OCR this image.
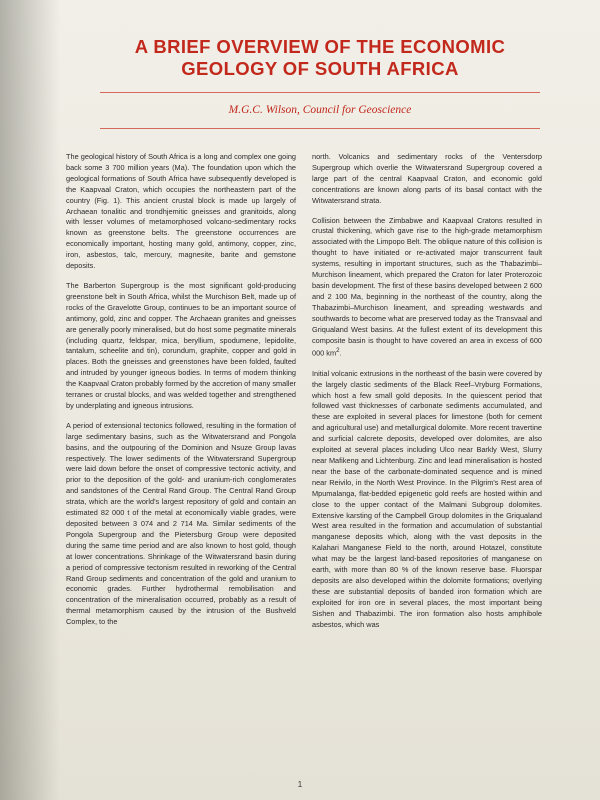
A BRIEF OVERVIEW OF THE ECONOMIC
GEOLOGY OF SOUTH AFRICA
M.G.C. Wilson, Council for Geoscience

The geological history of South Africa is a long and complex one going back some 3 700 million years (Ma). The foundation upon which the geological formations of South Africa have subsequently developed is the Kaapvaal Craton, which occupies the northeastern part of the country (Fig. 1). This ancient crustal block is made up largely of Archaean tonalitic and trondhjemitic gneisses and granitoids, along with lesser volumes of metamorphosed volcano-sedimentary rocks known as greenstone belts. The greenstone occurrences are economically important, hosting many gold, antimony, copper, zinc, iron, asbestos, talc, mercury, magnesite, barite and gemstone deposits.

The Barberton Supergroup is the most significant gold-producing greenstone belt in South Africa, whilst the Murchison Belt, made up of rocks of the Gravelotte Group, continues to be an important source of antimony, gold, zinc and copper. The Archaean granites and gneisses are generally poorly mineralised, but do host some pegmatite minerals (including quartz, feldspar, mica, beryllium, spodumene, lepidolite, tantalum, scheelite and tin), corundum, graphite, copper and gold in places. Both the gneisses and greenstones have been folded, faulted and intruded by younger igneous bodies. In terms of modern thinking the Kaapvaal Craton probably formed by the accretion of many smaller terranes or crustal blocks, and was welded together and strengthened by underplating and igneous intrusions.

A period of extensional tectonics followed, resulting in the formation of large sedimentary basins, such as the Witwatersrand and Pongola basins, and the outpouring of the Dominion and Nsuze Group lavas respectively. The lower sediments of the Witwatersrand Supergroup were laid down before the onset of compressive tectonic activity, and prior to the deposition of the gold- and uranium-rich conglomerates and sandstones of the Central Rand Group. The Central Rand Group strata, which are the world's largest repository of gold and contain an estimated 82 000 t of the metal at economically viable grades, were deposited between 3 074 and 2 714 Ma. Similar sediments of the Pongola Supergroup and the Pietersburg Group were deposited during the same time period and are also known to host gold, though at lower concentrations. Shrinkage of the Witwatersrand basin during a period of compressive tectonism resulted in reworking of the Central Rand Group sediments and concentration of the gold and uranium to economic grades. Further hydrothermal remobilisation and concentration of the mineralisation occurred, probably as a result of thermal metamorphism caused by the intrusion of the Bushveld Complex, to the

north. Volcanics and sedimentary rocks of the Ventersdorp Supergroup which overlie the Witwatersrand Supergroup covered a large part of the central Kaapvaal Craton, and economic gold concentrations are known along parts of its basal contact with the Witwatersrand strata.

Collision between the Zimbabwe and Kaapvaal Cratons resulted in crustal thickening, which gave rise to the high-grade metamorphism associated with the Limpopo Belt. The oblique nature of this collision is thought to have initiated or re-activated major transcurrent fault systems, resulting in important structures, such as the Thabazimbi–Murchison lineament, which prepared the Craton for later Proterozoic basin development. The first of these basins developed between 2 600 and 2 100 Ma, beginning in the northeast of the country, along the Thabazimbi–Murchison lineament, and spreading westwards and southwards to become what are preserved today as the Transvaal and Griqualand West basins. At the fullest extent of its development this composite basin is thought to have covered an area in excess of 600 000 $km^2$.

Initial volcanic extrusions in the northeast of the basin were covered by the largely clastic sediments of the Black Reef–Vryburg Formations, which host a few small gold deposits. In the quiescent period that followed vast thicknesses of carbonate sediments accumulated, and these are exploited in several places for limestone (both for cement and agricultural use) and metallurgical dolomite. More recent travertine and surficial calcrete deposits, developed over dolomites, are also exploited at several places including Ulco near Barkly West, Slurry near Mafikeng and Lichtenburg. Zinc and lead mineralisation is hosted near the base of the carbonate-dominated sequence and is mined near Reivilo, in the North West Province. In the Pilgrim's Rest area of Mpumalanga, flat-bedded epigenetic gold reefs are hosted within and close to the upper contact of the Malmani Subgroup dolomites. Extensive karsting of the Campbell Group dolomites in the Griqualand West area resulted in the formation and accumulation of substantial manganese deposits which, along with the vast deposits in the Kalahari Manganese Field to the north, around Hotazel, constitute what may be the largest land-based repositories of manganese on earth, with more than 80 % of the known reserve base. Fluorspar deposits are also developed within the dolomite formations; overlying these are substantial deposits of banded iron formation which are exploited for iron ore in several places, the most important being Sishen and Thabazimbi. The iron formation also hosts amphibole asbestos, which was

1
